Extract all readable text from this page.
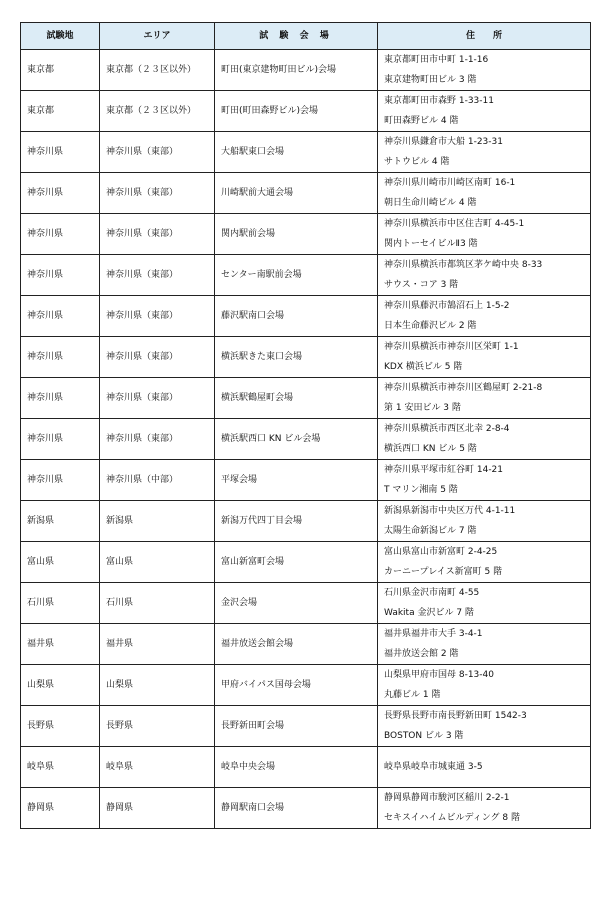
試験地	エリア	試 験 会 場	住　　所
東京都	東京都（２３区以外）	町田(東京建物町田ビル)会場	東京都町田市中町 1-1-16
東京建物町田ビル 3 階

東京都	東京都（２３区以外）	町田(町田森野ビル)会場	東京都町田市森野 1-33-11
町田森野ビル 4 階

神奈川県	神奈川県（東部）	大船駅東口会場	神奈川県鎌倉市大船 1-23-31
サトウビル 4 階

神奈川県	神奈川県（東部）	川崎駅前大通会場	神奈川県川崎市川崎区南町 16-1
朝日生命川崎ビル 4 階

神奈川県	神奈川県（東部）	関内駅前会場	神奈川県横浜市中区住吉町 4-45-1
関内トーセイビルⅡ3 階

神奈川県	神奈川県（東部）	センター南駅前会場	神奈川県横浜市都筑区茅ケ崎中央 8-33
サウス・コア 3 階

神奈川県	神奈川県（東部）	藤沢駅南口会場	神奈川県藤沢市鵠沼石上 1-5-2
日本生命藤沢ビル 2 階

神奈川県	神奈川県（東部）	横浜駅きた東口会場	神奈川県横浜市神奈川区栄町 1-1
KDX 横浜ビル 5 階

神奈川県	神奈川県（東部）	横浜駅鶴屋町会場	神奈川県横浜市神奈川区鶴屋町 2-21-8
第 1 安田ビル 3 階

神奈川県	神奈川県（東部）	横浜駅西口 KN ビル会場	神奈川県横浜市西区北幸 2-8-4
横浜西口 KN ビル 5 階

神奈川県	神奈川県（中部）	平塚会場	神奈川県平塚市紅谷町 14-21
T マリン湘南 5 階

新潟県	新潟県	新潟万代四丁目会場	新潟県新潟市中央区万代 4-1-11
太陽生命新潟ビル 7 階

富山県	富山県	富山新富町会場	富山県富山市新富町 2-4-25
カーニープレイス新富町 5 階

石川県	石川県	金沢会場	石川県金沢市南町 4-55
Wakita 金沢ビル 7 階

福井県	福井県	福井放送会館会場	福井県福井市大手 3-4-1
福井放送会館 2 階

山梨県	山梨県	甲府バイパス国母会場	山梨県甲府市国母 8-13-40
丸藤ビル 1 階

長野県	長野県	長野新田町会場	長野県長野市南長野新田町 1542-3
BOSTON ビル 3 階

岐阜県	岐阜県	岐阜中央会場	岐阜県岐阜市城東通 3-5

静岡県	静岡県	静岡駅南口会場	静岡県静岡市駿河区稲川 2-2-1
セキスイハイムビルディング 8 階
